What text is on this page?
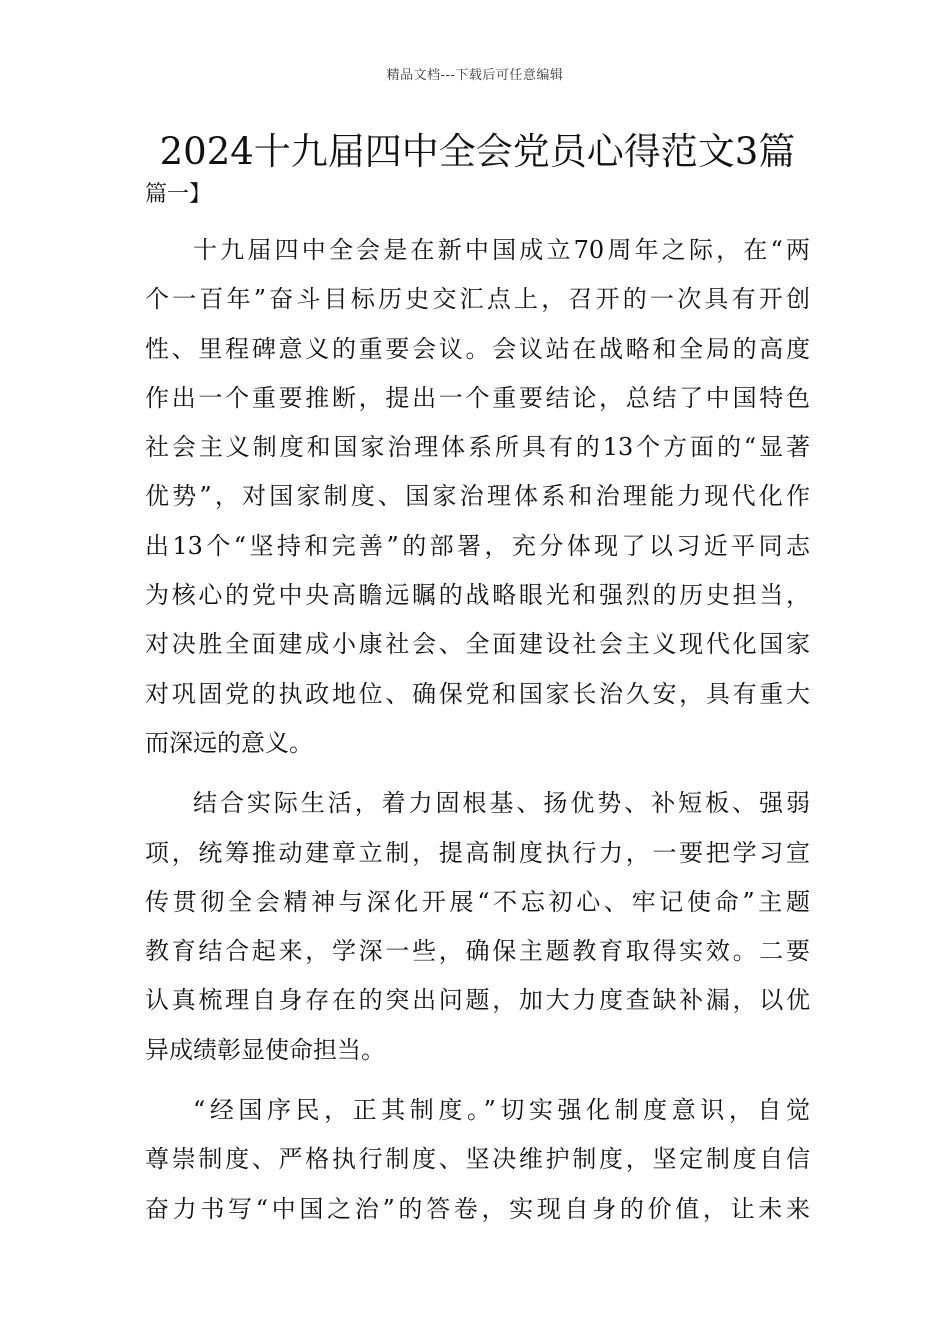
精品文档---下载后可任意编辑
2024十九届四中全会党员心得范文3篇
篇一】
十九届四中全会是在新中国成立70周年之际，在“两
个一百年”奋斗目标历史交汇点上，召开的一次具有开创
性、里程碑意义的重要会议。会议站在战略和全局的高度
作出一个重要推断，提出一个重要结论，总结了中国特色
社会主义制度和国家治理体系所具有的13个方面的“显著
优势”，对国家制度、国家治理体系和治理能力现代化作
出13个“坚持和完善”的部署，充分体现了以习近平同志
为核心的党中央高瞻远瞩的战略眼光和强烈的历史担当，
对决胜全面建成小康社会、全面建设社会主义现代化国家
对巩固党的执政地位、确保党和国家长治久安，具有重大
而深远的意义。
结合实际生活，着力固根基、扬优势、补短板、强弱
项，统筹推动建章立制，提高制度执行力，一要把学习宣
传贯彻全会精神与深化开展“不忘初心、牢记使命”主题
教育结合起来，学深一些，确保主题教育取得实效。二要
认真梳理自身存在的突出问题，加大力度查缺补漏，以优
异成绩彰显使命担当。
“经国序民，正其制度。”切实强化制度意识，自觉
尊崇制度、严格执行制度、坚决维护制度，坚定制度自信
奋力书写“中国之治”的答卷，实现自身的价值，让未来
